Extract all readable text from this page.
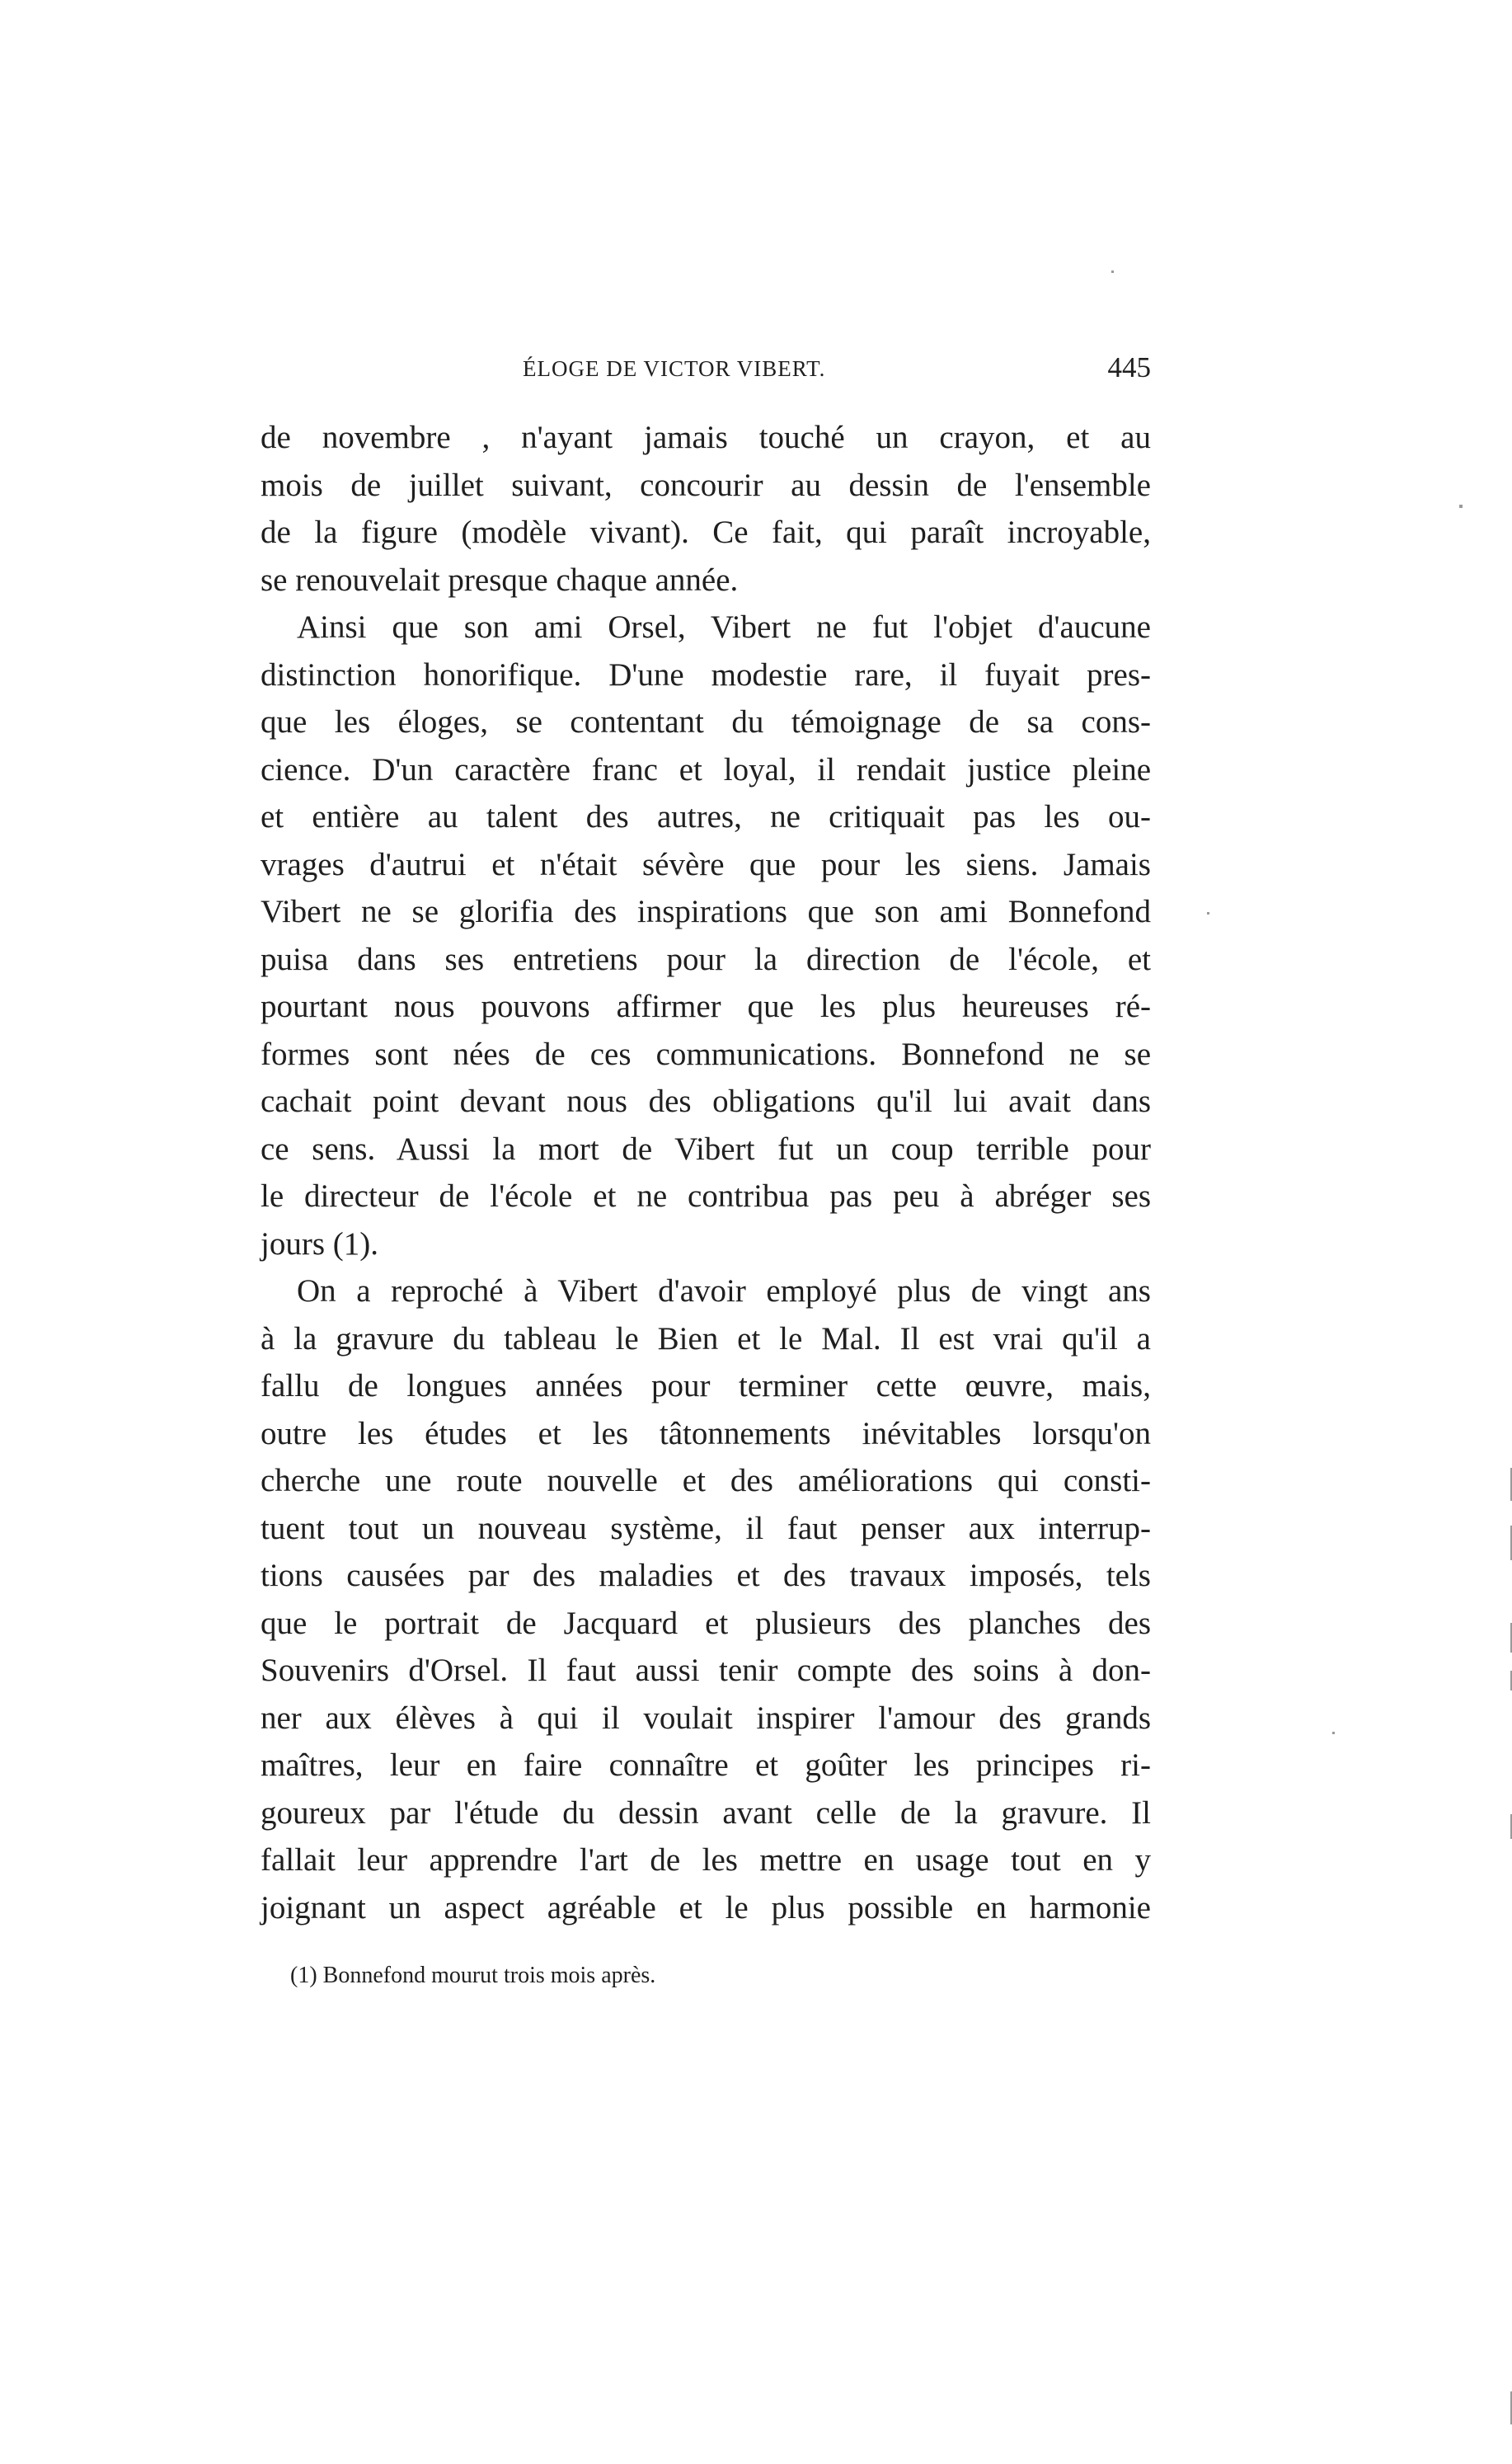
ÉLOGE DE VICTOR VIBERT.	445
de novembre , n'ayant jamais touché un crayon, et au
mois de juillet suivant, concourir au dessin de l'ensemble
de la figure (modèle vivant). Ce fait, qui paraît incroyable,
se renouvelait presque chaque année.
Ainsi que son ami Orsel, Vibert ne fut l'objet d'aucune
distinction honorifique. D'une modestie rare, il fuyait pres-
que les éloges, se contentant du témoignage de sa cons-
cience. D'un caractère franc et loyal, il rendait justice pleine
et entière au talent des autres, ne critiquait pas les ou-
vrages d'autrui et n'était sévère que pour les siens. Jamais
Vibert ne se glorifia des inspirations que son ami Bonnefond
puisa dans ses entretiens pour la direction de l'école, et
pourtant nous pouvons affirmer que les plus heureuses ré-
formes sont nées de ces communications. Bonnefond ne se
cachait point devant nous des obligations qu'il lui avait dans
ce sens. Aussi la mort de Vibert fut un coup terrible pour
le directeur de l'école et ne contribua pas peu à abréger ses
jours (1).
On a reproché à Vibert d'avoir employé plus de vingt ans
à la gravure du tableau le Bien et le Mal. Il est vrai qu'il a
fallu de longues années pour terminer cette œuvre, mais,
outre les études et les tâtonnements inévitables lorsqu'on
cherche une route nouvelle et des améliorations qui consti-
tuent tout un nouveau système, il faut penser aux interrup-
tions causées par des maladies et des travaux imposés, tels
que le portrait de Jacquard et plusieurs des planches des
Souvenirs d'Orsel. Il faut aussi tenir compte des soins à don-
ner aux élèves à qui il voulait inspirer l'amour des grands
maîtres, leur en faire connaître et goûter les principes ri-
goureux par l'étude du dessin avant celle de la gravure. Il
fallait leur apprendre l'art de les mettre en usage tout en y
joignant un aspect agréable et le plus possible en harmonie
(1) Bonnefond mourut trois mois après.
